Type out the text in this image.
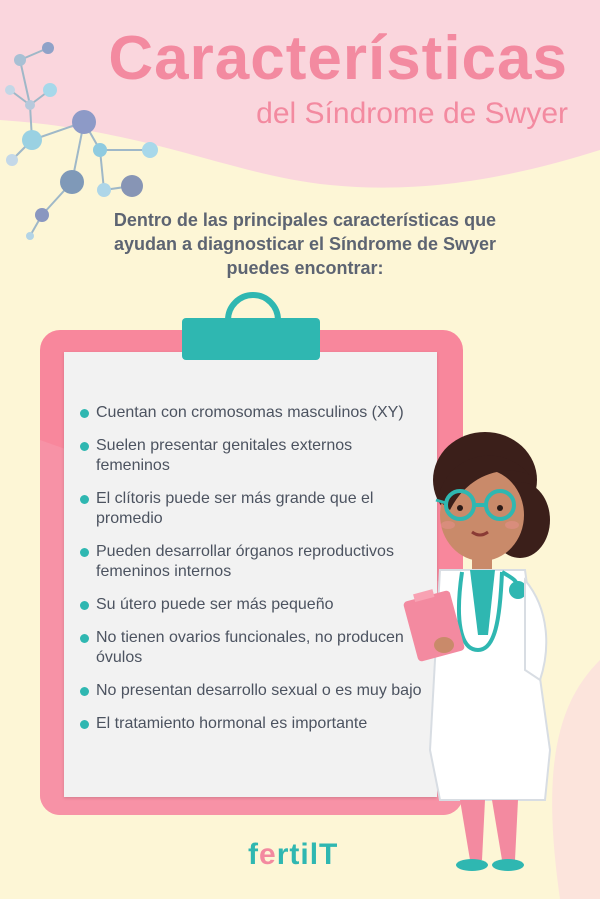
Características
del Síndrome de Swyer
Dentro de las principales características que ayudan a diagnosticar el Síndrome de Swyer puedes encontrar:
Cuentan con cromosomas masculinos (XY)
Suelen presentar genitales externos femeninos
El clítoris puede ser más grande que el promedio
Pueden desarrollar órganos reproductivos femeninos internos
Su útero puede ser más pequeño
No tienen ovarios funcionales, no producen óvulos
No presentan desarrollo sexual o es muy bajo
El tratamiento hormonal es importante
fertilT
